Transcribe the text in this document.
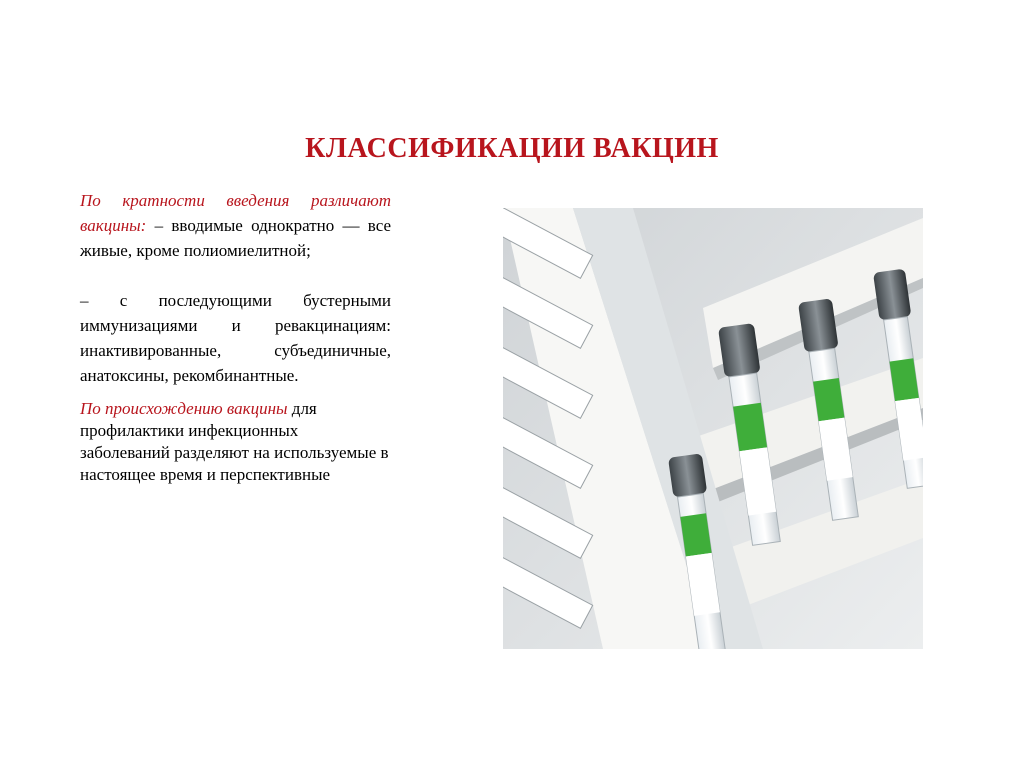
КЛАССИФИКАЦИИ ВАКЦИН

По кратности введения различают вакцины: – вводимые однократно — все живые, кроме полиомиелитной;

– с последующими бустерными иммунизациями и ревакцинациям: инактивированные, субъединичные, анатоксины, рекомбинантные.

По происхождению вакцины для профилактики инфекционных заболеваний разделяют на используемые в настоящее время и перспективные
